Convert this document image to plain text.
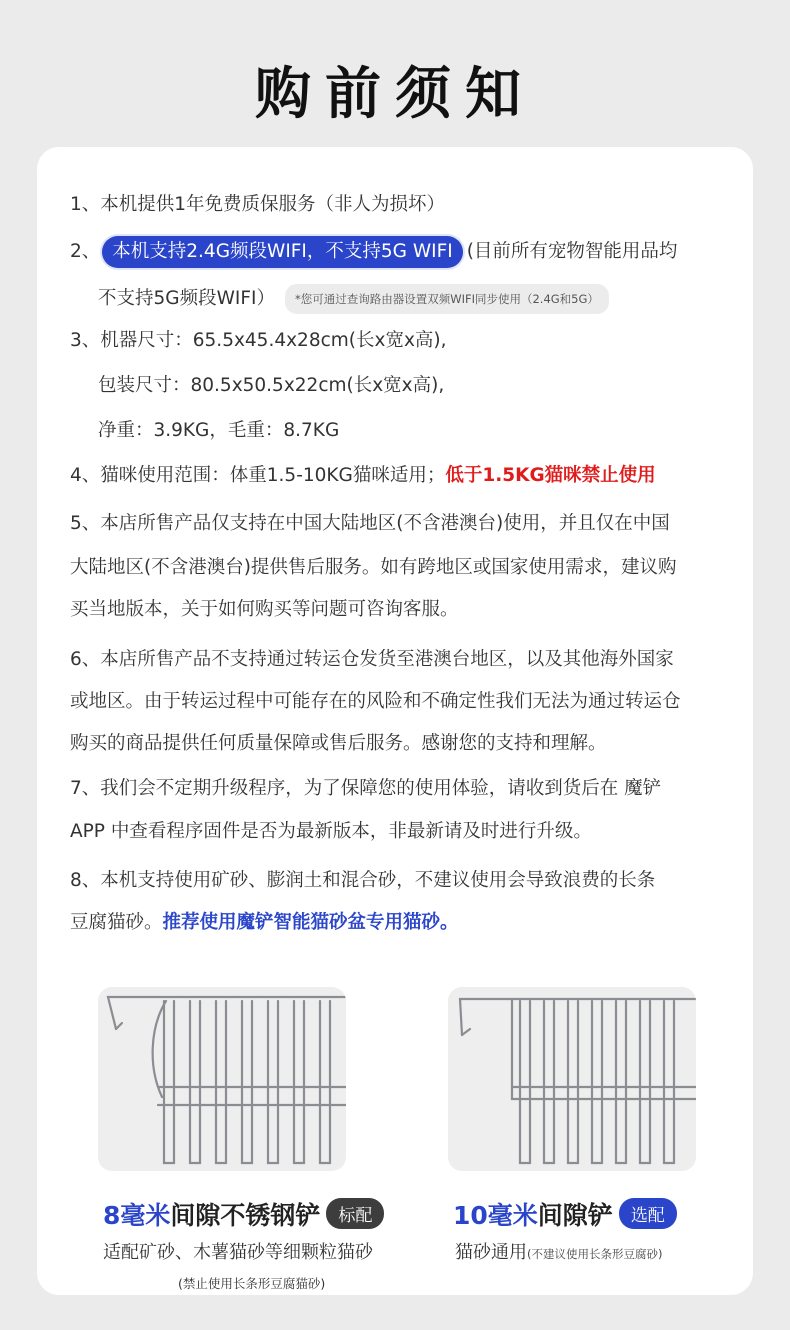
购前须知
1、本机提供1年免费质保服务（非人为损坏）
2、 本机支持2.4G频段WIFI，不支持5G WIFI (目前所有宠物智能用品均
不支持5G频段WIFI） *您可通过查询路由器设置双频WIFI同步使用（2.4G和5G）
3、机器尺寸：65.5x45.4x28cm(长x宽x高),
包装尺寸：80.5x50.5x22cm(长x宽x高),
净重：3.9KG，毛重：8.7KG
4、猫咪使用范围：体重1.5-10KG猫咪适用；低于1.5KG猫咪禁止使用
5、本店所售产品仅支持在中国大陆地区(不含港澳台)使用，并且仅在中国
大陆地区(不含港澳台)提供售后服务。如有跨地区或国家使用需求，建议购
买当地版本，关于如何购买等问题可咨询客服。
6、本店所售产品不支持通过转运仓发货至港澳台地区，以及其他海外国家
或地区。由于转运过程中可能存在的风险和不确定性我们无法为通过转运仓
购买的商品提供任何质量保障或售后服务。感谢您的支持和理解。
7、我们会不定期升级程序，为了保障您的使用体验，请收到货后在 魔铲
APP 中查看程序固件是否为最新版本，非最新请及时进行升级。
8、本机支持使用矿砂、膨润土和混合砂，不建议使用会导致浪费的长条
豆腐猫砂。推荐使用魔铲智能猫砂盆专用猫砂。
8毫米间隙不锈钢铲 标配
适配矿砂、木薯猫砂等细颗粒猫砂
(禁止使用长条形豆腐猫砂)
10毫米间隙铲 选配
猫砂通用(不建议使用长条形豆腐砂)
